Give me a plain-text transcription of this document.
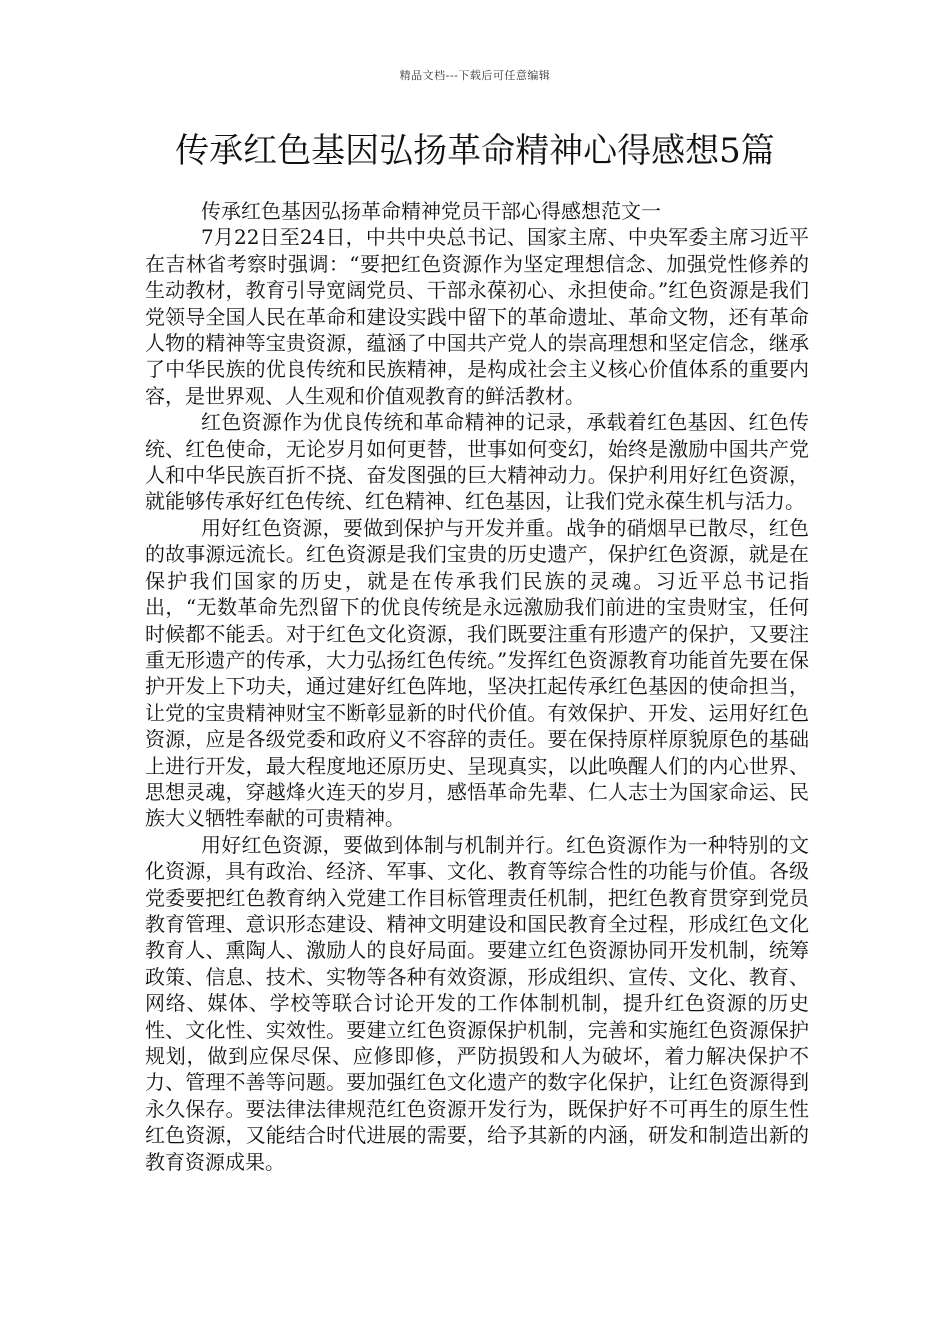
精品文档---下载后可任意编辑
传承红色基因弘扬革命精神心得感想5篇

传承红色基因弘扬革命精神党员干部心得感想范文一

7月22日至24日，中共中央总书记、国家主席、中央军委主席习近平在吉林省考察时强调：“要把红色资源作为坚定理想信念、加强党性修养的生动教材，教育引导宽阔党员、干部永葆初心、永担使命。”红色资源是我们党领导全国人民在革命和建设实践中留下的革命遗址、革命文物，还有革命人物的精神等宝贵资源，蕴涵了中国共产党人的崇高理想和坚定信念，继承了中华民族的优良传统和民族精神，是构成社会主义核心价值体系的重要内容，是世界观、人生观和价值观教育的鲜活教材。

红色资源作为优良传统和革命精神的记录，承载着红色基因、红色传统、红色使命，无论岁月如何更替，世事如何变幻，始终是激励中国共产党人和中华民族百折不挠、奋发图强的巨大精神动力。保护利用好红色资源，就能够传承好红色传统、红色精神、红色基因，让我们党永葆生机与活力。

用好红色资源，要做到保护与开发并重。战争的硝烟早已散尽，红色的故事源远流长。红色资源是我们宝贵的历史遗产，保护红色资源，就是在保护我们国家的历史，就是在传承我们民族的灵魂。习近平总书记指出，“无数革命先烈留下的优良传统是永远激励我们前进的宝贵财宝，任何时候都不能丢。对于红色文化资源，我们既要注重有形遗产的保护，又要注重无形遗产的传承，大力弘扬红色传统。”发挥红色资源教育功能首先要在保护开发上下功夫，通过建好红色阵地，坚决扛起传承红色基因的使命担当，让党的宝贵精神财宝不断彰显新的时代价值。有效保护、开发、运用好红色资源，应是各级党委和政府义不容辞的责任。要在保持原样原貌原色的基础上进行开发，最大程度地还原历史、呈现真实，以此唤醒人们的内心世界、思想灵魂，穿越烽火连天的岁月，感悟革命先辈、仁人志士为国家命运、民族大义牺牲奉献的可贵精神。

用好红色资源，要做到体制与机制并行。红色资源作为一种特别的文化资源，具有政治、经济、军事、文化、教育等综合性的功能与价值。各级党委要把红色教育纳入党建工作目标管理责任机制，把红色教育贯穿到党员教育管理、意识形态建设、精神文明建设和国民教育全过程，形成红色文化教育人、熏陶人、激励人的良好局面。要建立红色资源协同开发机制，统筹政策、信息、技术、实物等各种有效资源，形成组织、宣传、文化、教育、网络、媒体、学校等联合讨论开发的工作体制机制，提升红色资源的历史性、文化性、实效性。要建立红色资源保护机制，完善和实施红色资源保护规划，做到应保尽保、应修即修，严防损毁和人为破坏，着力解决保护不力、管理不善等问题。要加强红色文化遗产的数字化保护，让红色资源得到永久保存。要法律法律规范红色资源开发行为，既保护好不可再生的原生性红色资源，又能结合时代进展的需要，给予其新的内涵，研发和制造出新的教育资源成果。
